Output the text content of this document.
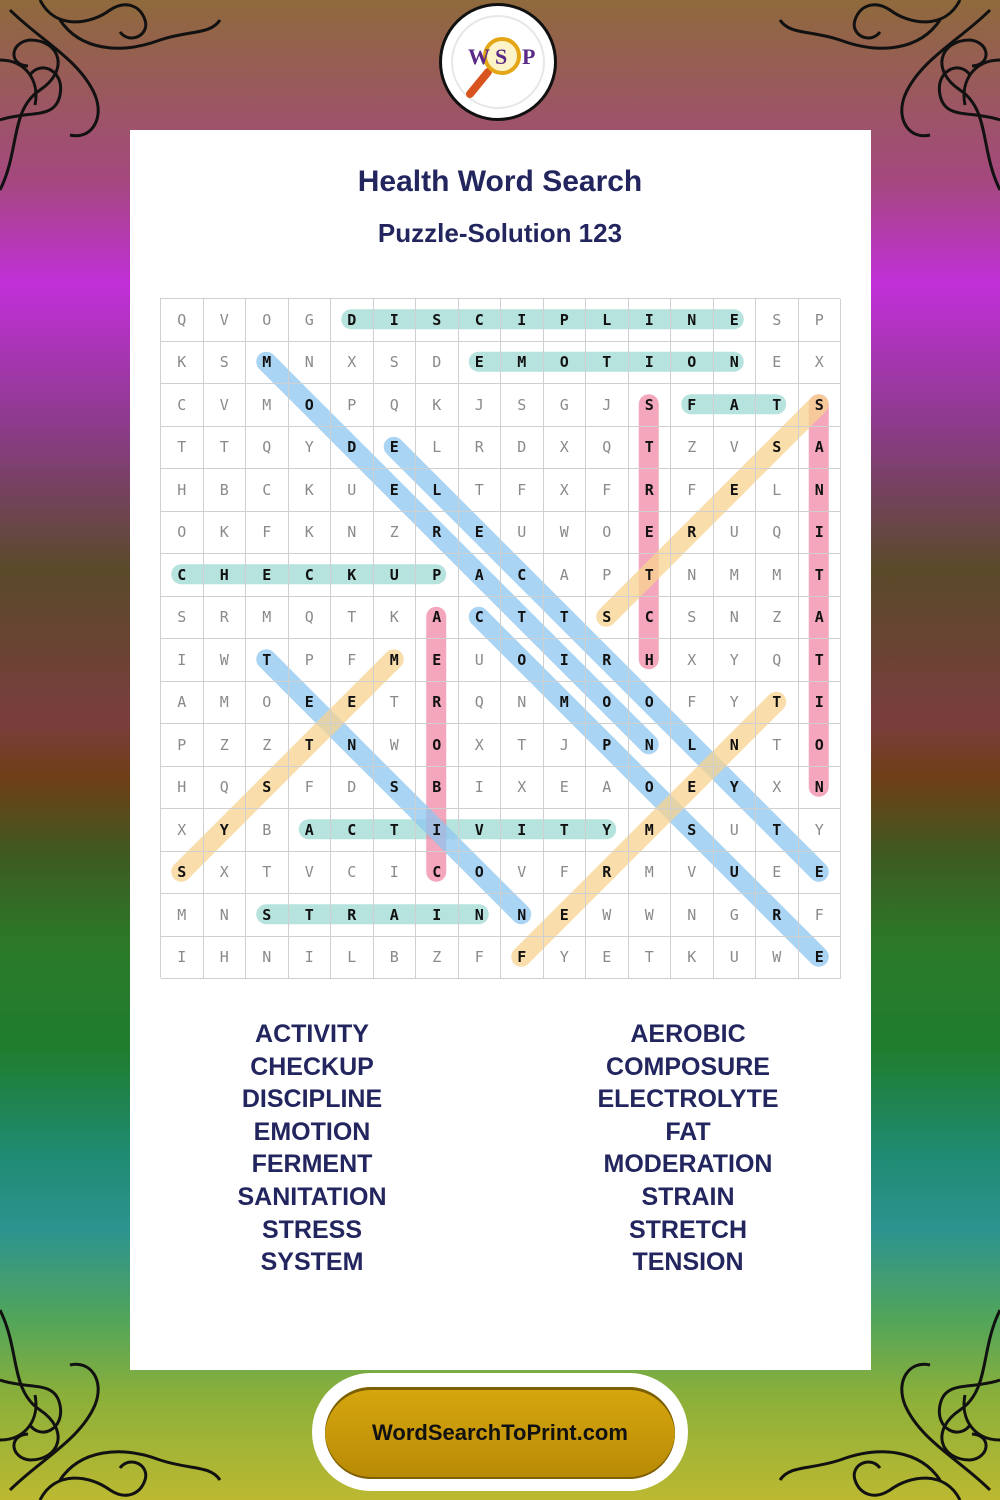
W S P
Health Word Search
Puzzle-Solution 123
Q	V	O	G	D	I	S	C	I	P	L	I	N	E	S	P
K	S	M	N	X	S	D	E	M	O	T	I	O	N	E	X
C	V	M	O	P	Q	K	J	S	G	J	S	F	A	T	S
T	T	Q	Y	D	E	L	R	D	X	Q	T	Z	V	S	A
H	B	C	K	U	E	L	T	F	X	F	R	F	E	L	N
O	K	F	K	N	Z	R	E	U	W	O	E	R	U	Q	I
C	H	E	C	K	U	P	A	C	A	P	T	N	M	M	T
S	R	M	Q	T	K	A	C	T	T	S	C	S	N	Z	A
I	W	T	P	F	M	E	U	O	I	R	H	X	Y	Q	T
A	M	O	E	E	T	R	Q	N	M	O	O	F	Y	T	I
P	Z	Z	T	N	W	O	X	T	J	P	N	L	N	T	O
H	Q	S	F	D	S	B	I	X	E	A	O	E	Y	X	N
X	Y	B	A	C	T	I	V	I	T	Y	M	S	U	T	Y
S	X	T	V	C	I	C	O	V	F	R	M	V	U	E	E
M	N	S	T	R	A	I	N	N	E	W	W	N	G	R	F
I	H	N	I	L	B	Z	F	F	Y	E	T	K	U	W	E
ACTIVITY
CHECKUP
DISCIPLINE
EMOTION
FERMENT
SANITATION
STRESS
SYSTEM
AEROBIC
COMPOSURE
ELECTROLYTE
FAT
MODERATION
STRAIN
STRETCH
TENSION
WordSearchToPrint.com
